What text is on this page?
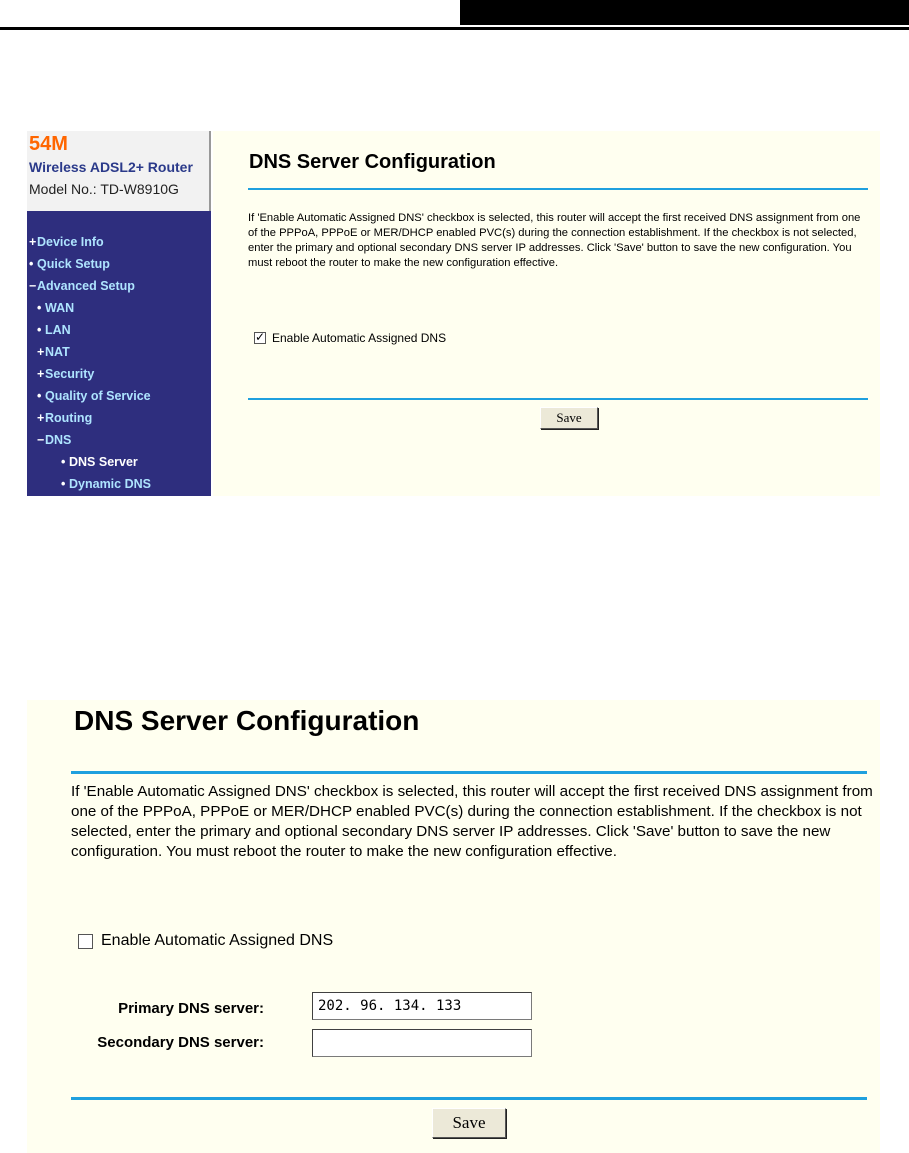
54M
Wireless ADSL2+ Router
Model No.: TD-W8910G
+Device Info
• Quick Setup
−Advanced Setup
• WAN
• LAN
+NAT
+Security
• Quality of Service
+Routing
−DNS
• DNS Server
• Dynamic DNS
DNS Server Configuration
If 'Enable Automatic Assigned DNS' checkbox is selected, this router will accept the first received DNS assignment from one of the PPPoA, PPPoE or MER/DHCP enabled PVC(s) during the connection establishment. If the checkbox is not selected, enter the primary and optional secondary DNS server IP addresses. Click 'Save' button to save the new configuration. You must reboot the router to make the new configuration effective.
✓ Enable Automatic Assigned DNS
Save
DNS Server Configuration
If 'Enable Automatic Assigned DNS' checkbox is selected, this router will accept the first received DNS assignment from one of the PPPoA, PPPoE or MER/DHCP enabled PVC(s) during the connection establishment. If the checkbox is not selected, enter the primary and optional secondary DNS server IP addresses. Click 'Save' button to save the new configuration. You must reboot the router to make the new configuration effective.
Enable Automatic Assigned DNS
Primary DNS server:
202. 96. 134. 133
Secondary DNS server:
Save
